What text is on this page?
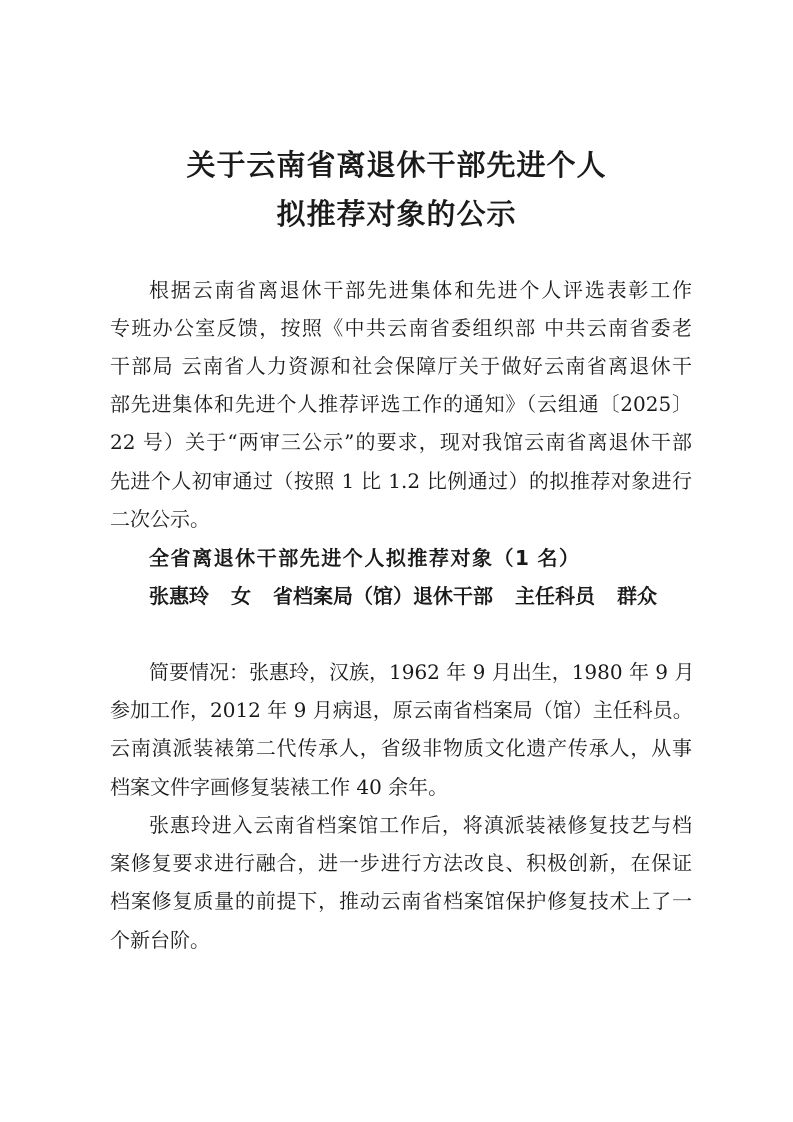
关于云南省离退休干部先进个人
拟推荐对象的公示

根据云南省离退休干部先进集体和先进个人评选表彰工作

专班办公室反馈，按照《中共云南省委组织部 中共云南省委老

干部局 云南省人力资源和社会保障厅关于做好云南省离退休干

部先进集体和先进个人推荐评选工作的通知》（云组通〔2025〕

22 号）关于“两审三公示”的要求，现对我馆云南省离退休干部

先进个人初审通过（按照 1 比 1.2 比例通过）的拟推荐对象进行

二次公示。

全省离退休干部先进个人拟推荐对象（1 名）

张惠玲 女 省档案局（馆）退休干部 主任科员 群众

简要情况：张惠玲，汉族，1962 年 9 月出生，1980 年 9 月

参加工作，2012 年 9 月病退，原云南省档案局（馆）主任科员。

云南滇派装裱第二代传承人，省级非物质文化遗产传承人，从事

档案文件字画修复装裱工作 40 余年。

张惠玲进入云南省档案馆工作后，将滇派装裱修复技艺与档

案修复要求进行融合，进一步进行方法改良、积极创新，在保证

档案修复质量的前提下，推动云南省档案馆保护修复技术上了一

个新台阶。
